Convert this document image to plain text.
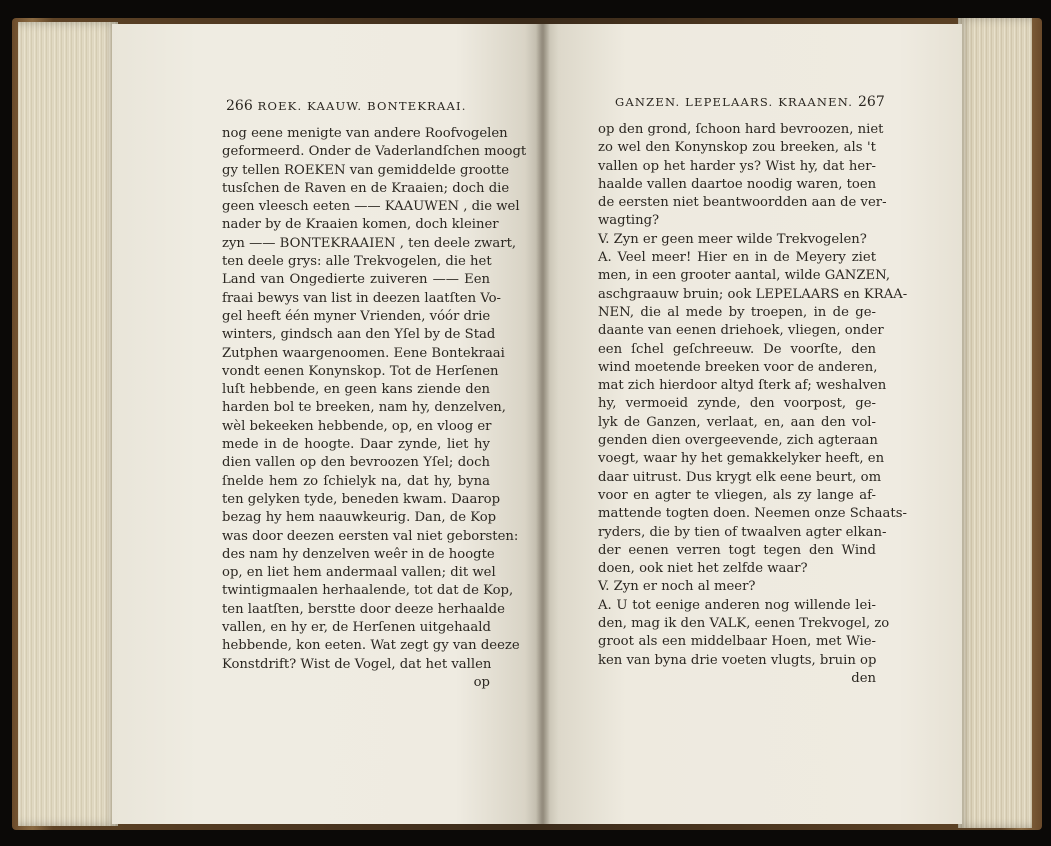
266 ROEK. KAAUW. BONTEKRAAI.	GANZEN. LEPELAARS. KRAANEN. 267
nog eene menigte van andere Roofvogelen
geformeerd. Onder de Vaderlandſchen moogt
gy tellen ROEKEN van gemiddelde grootte
tusſchen de Raven en de Kraaien; doch die
geen vleesch eeten —— KAAUWEN , die wel
nader by de Kraaien komen, doch kleiner
zyn —— BONTEKRAAIEN , ten deele zwart,
ten deele grys: alle Trekvogelen, die het
Land van Ongedierte zuiveren —— Een
fraai bewys van list in deezen laatſten Vo-
gel heeft één myner Vrienden, vóór drie
winters, gindsch aan den Yſel by de Stad
Zutphen waargenoomen. Eene Bontekraai
vondt eenen Konynskop. Tot de Herſenen
luſt hebbende, en geen kans ziende den
harden bol te breeken, nam hy, denzelven,
wèl bekeeken hebbende, op, en vloog er
mede in de hoogte. Daar zynde, liet hy
dien vallen op den bevroozen Yſel; doch
ſnelde hem zo ſchielyk na, dat hy, byna
ten gelyken tyde, beneden kwam. Daarop
bezag hy hem naauwkeurig. Dan, de Kop
was door deezen eersten val niet geborsten:
des nam hy denzelven weêr in de hoogte
op, en liet hem andermaal vallen; dit wel
twintigmaalen herhaalende, tot dat de Kop,
ten laatſten, berstte door deeze herhaalde
vallen, en hy er, de Herſenen uitgehaald
hebbende, kon eeten. Wat zegt gy van deeze
Konstdrift? Wist de Vogel, dat het vallen
op
op den grond, ſchoon hard bevroozen, niet
zo wel den Konynskop zou breeken, als 't
vallen op het harder ys? Wist hy, dat her-
haalde vallen daartoe noodig waren, toen
de eersten niet beantwoordden aan de ver-
wagting?
V. Zyn er geen meer wilde Trekvogelen?
A. Veel meer! Hier en in de Meyery ziet
men, in een grooter aantal, wilde GANZEN,
aschgraauw bruin; ook LEPELAARS en KRAA-
NEN, die al mede by troepen, in de ge-
daante van eenen driehoek, vliegen, onder
een ſchel geſchreeuw. De voorſte, den
wind moetende breeken voor de anderen,
mat zich hierdoor altyd ſterk af; weshalven
hy, vermoeid zynde, den voorpost, ge-
lyk de Ganzen, verlaat, en, aan den vol-
genden dien overgeevende, zich agteraan
voegt, waar hy het gemakkelyker heeft, en
daar uitrust. Dus krygt elk eene beurt, om
voor en agter te vliegen, als zy lange af-
mattende togten doen. Neemen onze Schaats-
ryders, die by tien of twaalven agter elkan-
der eenen verren togt tegen den Wind
doen, ook niet het zelfde waar?
V. Zyn er noch al meer?
A. U tot eenige anderen nog willende lei-
den, mag ik den VALK, eenen Trekvogel, zo
groot als een middelbaar Hoen, met Wie-
ken van byna drie voeten vlugts, bruin op
den
